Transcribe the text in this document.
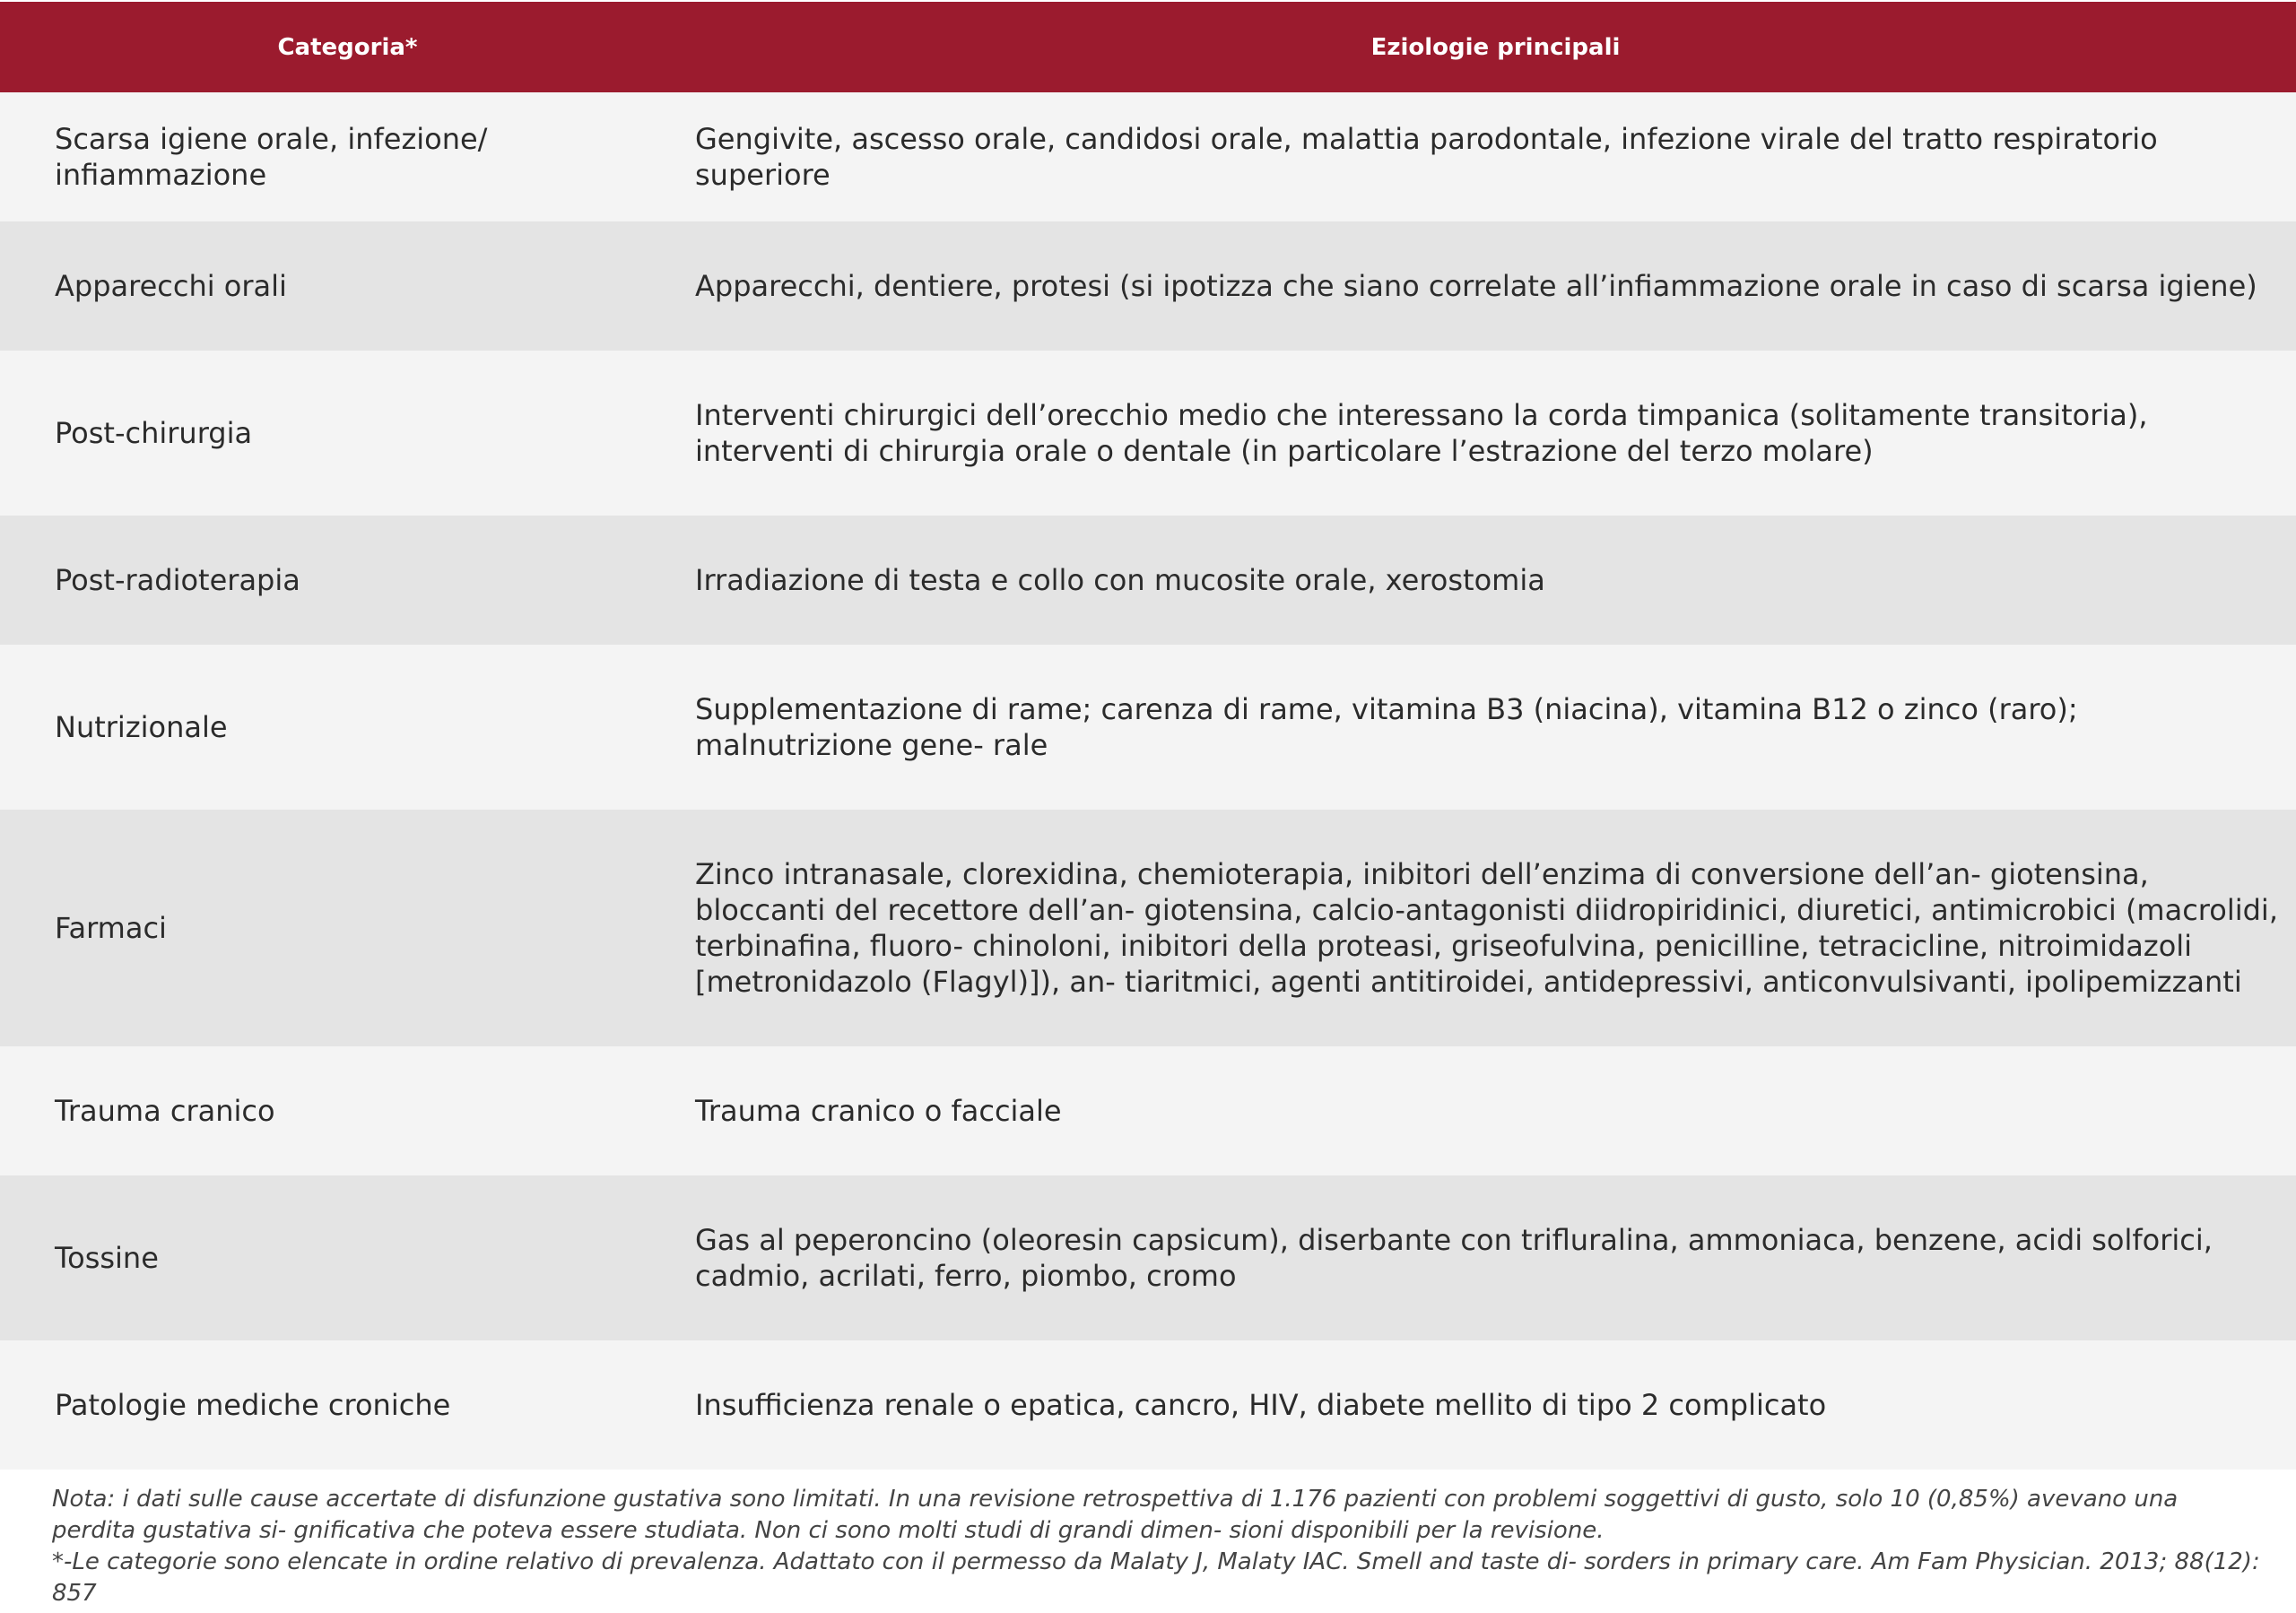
Categoria*	Eziologie principali
Scarsa igiene orale, infezione/ infiammazione	Gengivite, ascesso orale, candidosi orale, malattia parodontale, infezione virale del tratto respiratorio superiore
Apparecchi orali	Apparecchi, dentiere, protesi (si ipotizza che siano correlate all’infiammazione orale in caso di scarsa igiene)
Post-chirurgia	Interventi chirurgici dell’orecchio medio che interessano la corda timpanica (solitamente transitoria), interventi di chirurgia orale o dentale (in particolare l’estrazione del terzo molare)
Post-radioterapia	Irradiazione di testa e collo con mucosite orale, xerostomia
Nutrizionale	Supplementazione di rame; carenza di rame, vitamina B3 (niacina), vitamina B12 o zinco (raro); malnutrizione gene- rale
Farmaci	Zinco intranasale, clorexidina, chemioterapia, inibitori dell’enzima di conversione dell’an- giotensina, bloccanti del recettore dell’an- giotensina, calcio-antagonisti diidropiridinici, diuretici, antimicrobici (macrolidi, terbinafina, fluoro- chinoloni, inibitori della proteasi, griseofulvina, penicilline, tetracicline, nitroimidazoli [metronidazolo (Flagyl)]), an- tiaritmici, agenti antitiroidei, antidepressivi, anticonvulsivanti, ipolipemizzanti
Trauma cranico	Trauma cranico o facciale
Tossine	Gas al peperoncino (oleoresin capsicum), diserbante con trifluralina, ammoniaca, benzene, acidi solforici, cadmio, acrilati, ferro, piombo, cromo
Patologie mediche croniche	Insufficienza renale o epatica, cancro, HIV, diabete mellito di tipo 2 complicato

Nota: i dati sulle cause accertate di disfunzione gustativa sono limitati. In una revisione retrospettiva di 1.176 pazienti con problemi soggettivi di gusto, solo 10 (0,85%) avevano una perdita gustativa si- gnificativa che poteva essere studiata. Non ci sono molti studi di grandi dimen- sioni disponibili per la revisione.

*-Le categorie sono elencate in ordine relativo di prevalenza. Adattato con il permesso da Malaty J, Malaty IAC. Smell and taste di- sorders in primary care. Am Fam Physician. 2013; 88(12): 857
